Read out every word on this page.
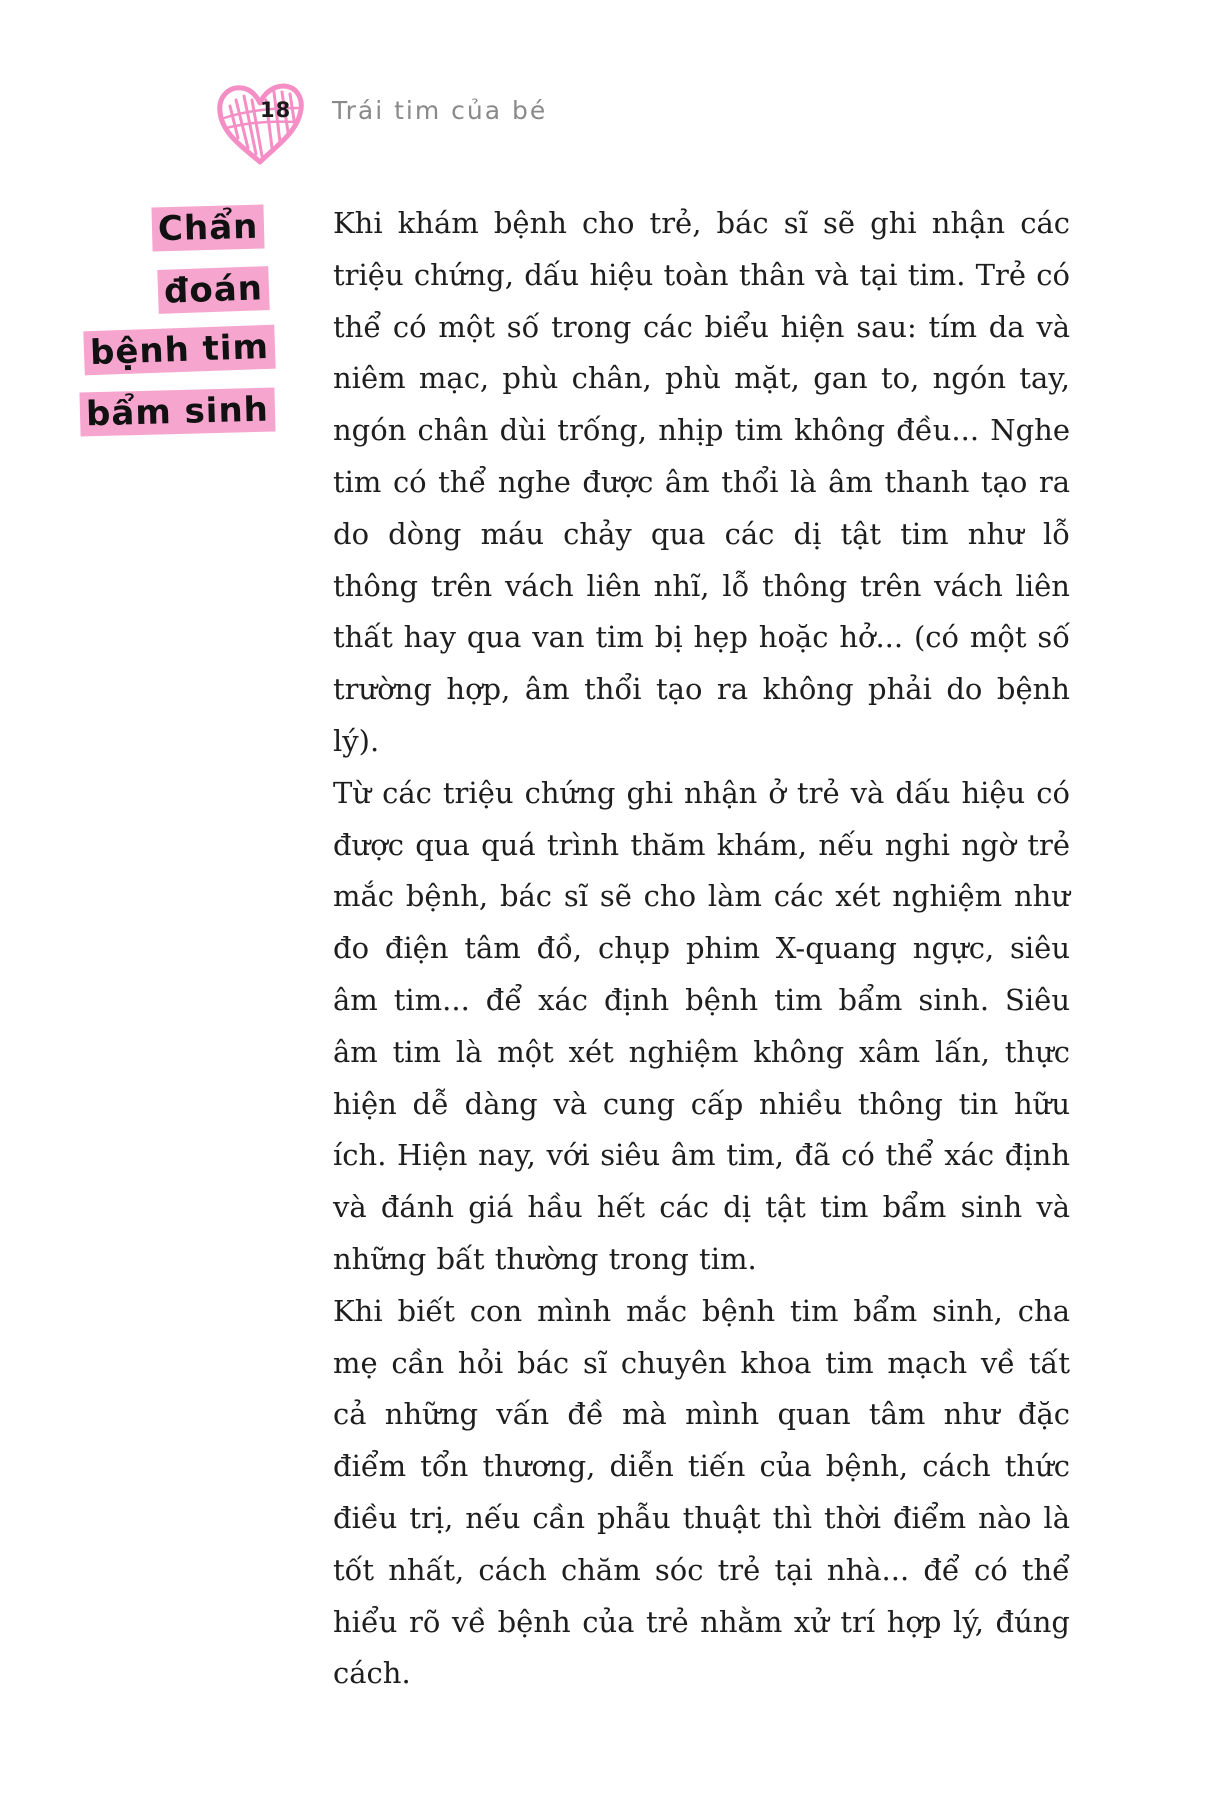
18 Trái tim của bé
Chẩn
đoán
bệnh tim
bẩm sinh

Khi khám bệnh cho trẻ, bác sĩ sẽ ghi nhận các triệu chứng, dấu hiệu toàn thân và tại tim. Trẻ có thể có một số trong các biểu hiện sau: tím da và niêm mạc, phù chân, phù mặt, gan to, ngón tay, ngón chân dùi trống, nhịp tim không đều... Nghe tim có thể nghe được âm thổi là âm thanh tạo ra do dòng máu chảy qua các dị tật tim như lỗ thông trên vách liên nhĩ, lỗ thông trên vách liên thất hay qua van tim bị hẹp hoặc hở... (có một số trường hợp, âm thổi tạo ra không phải do bệnh lý).

Từ các triệu chứng ghi nhận ở trẻ và dấu hiệu có được qua quá trình thăm khám, nếu nghi ngờ trẻ mắc bệnh, bác sĩ sẽ cho làm các xét nghiệm như đo điện tâm đồ, chụp phim X-quang ngực, siêu âm tim... để xác định bệnh tim bẩm sinh. Siêu âm tim là một xét nghiệm không xâm lấn, thực hiện dễ dàng và cung cấp nhiều thông tin hữu ích. Hiện nay, với siêu âm tim, đã có thể xác định và đánh giá hầu hết các dị tật tim bẩm sinh và những bất thường trong tim.

Khi biết con mình mắc bệnh tim bẩm sinh, cha mẹ cần hỏi bác sĩ chuyên khoa tim mạch về tất cả những vấn đề mà mình quan tâm như đặc điểm tổn thương, diễn tiến của bệnh, cách thức điều trị, nếu cần phẫu thuật thì thời điểm nào là tốt nhất, cách chăm sóc trẻ tại nhà... để có thể hiểu rõ về bệnh của trẻ nhằm xử trí hợp lý, đúng cách.
